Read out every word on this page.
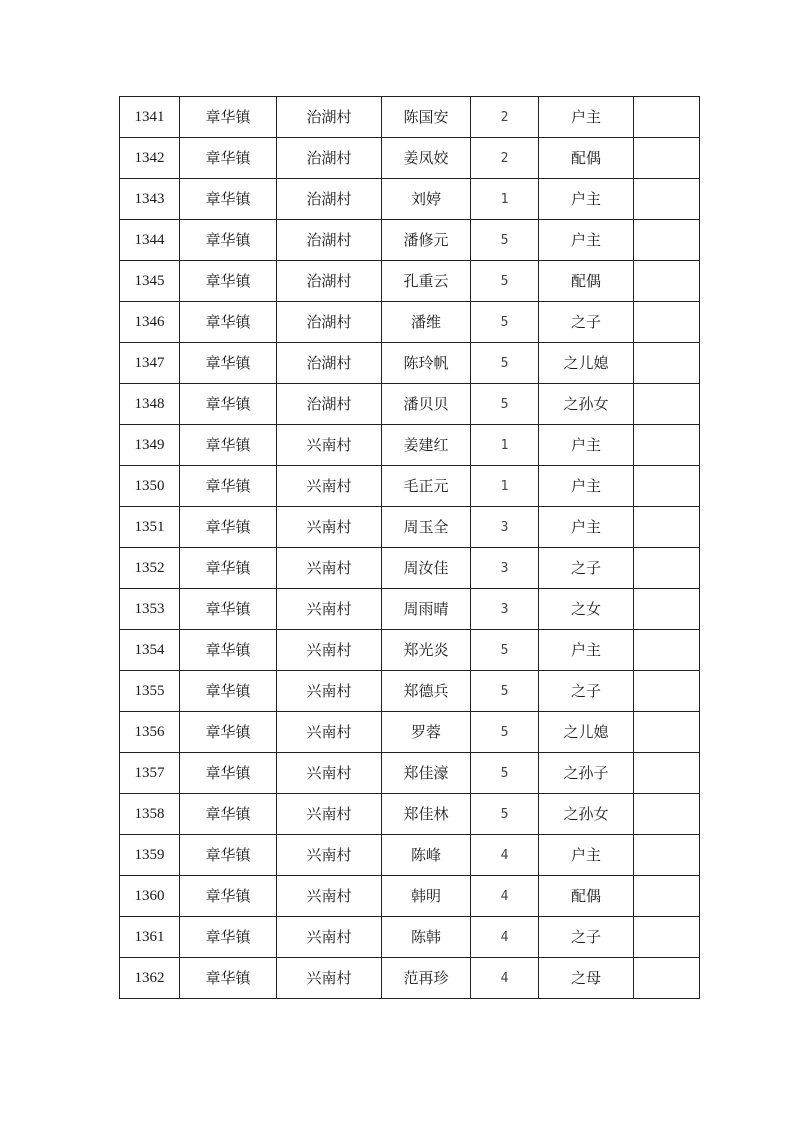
1341	章华镇	治湖村	陈国安	2	户主	
1342	章华镇	治湖村	姜凤姣	2	配偶	
1343	章华镇	治湖村	刘婷	1	户主	
1344	章华镇	治湖村	潘修元	5	户主	
1345	章华镇	治湖村	孔重云	5	配偶	
1346	章华镇	治湖村	潘维	5	之子	
1347	章华镇	治湖村	陈玲帆	5	之儿媳	
1348	章华镇	治湖村	潘贝贝	5	之孙女	
1349	章华镇	兴南村	姜建红	1	户主	
1350	章华镇	兴南村	毛正元	1	户主	
1351	章华镇	兴南村	周玉全	3	户主	
1352	章华镇	兴南村	周汝佳	3	之子	
1353	章华镇	兴南村	周雨晴	3	之女	
1354	章华镇	兴南村	郑光炎	5	户主	
1355	章华镇	兴南村	郑德兵	5	之子	
1356	章华镇	兴南村	罗蓉	5	之儿媳	
1357	章华镇	兴南村	郑佳濠	5	之孙子	
1358	章华镇	兴南村	郑佳林	5	之孙女	
1359	章华镇	兴南村	陈峰	4	户主	
1360	章华镇	兴南村	韩明	4	配偶	
1361	章华镇	兴南村	陈韩	4	之子	
1362	章华镇	兴南村	范再珍	4	之母	
